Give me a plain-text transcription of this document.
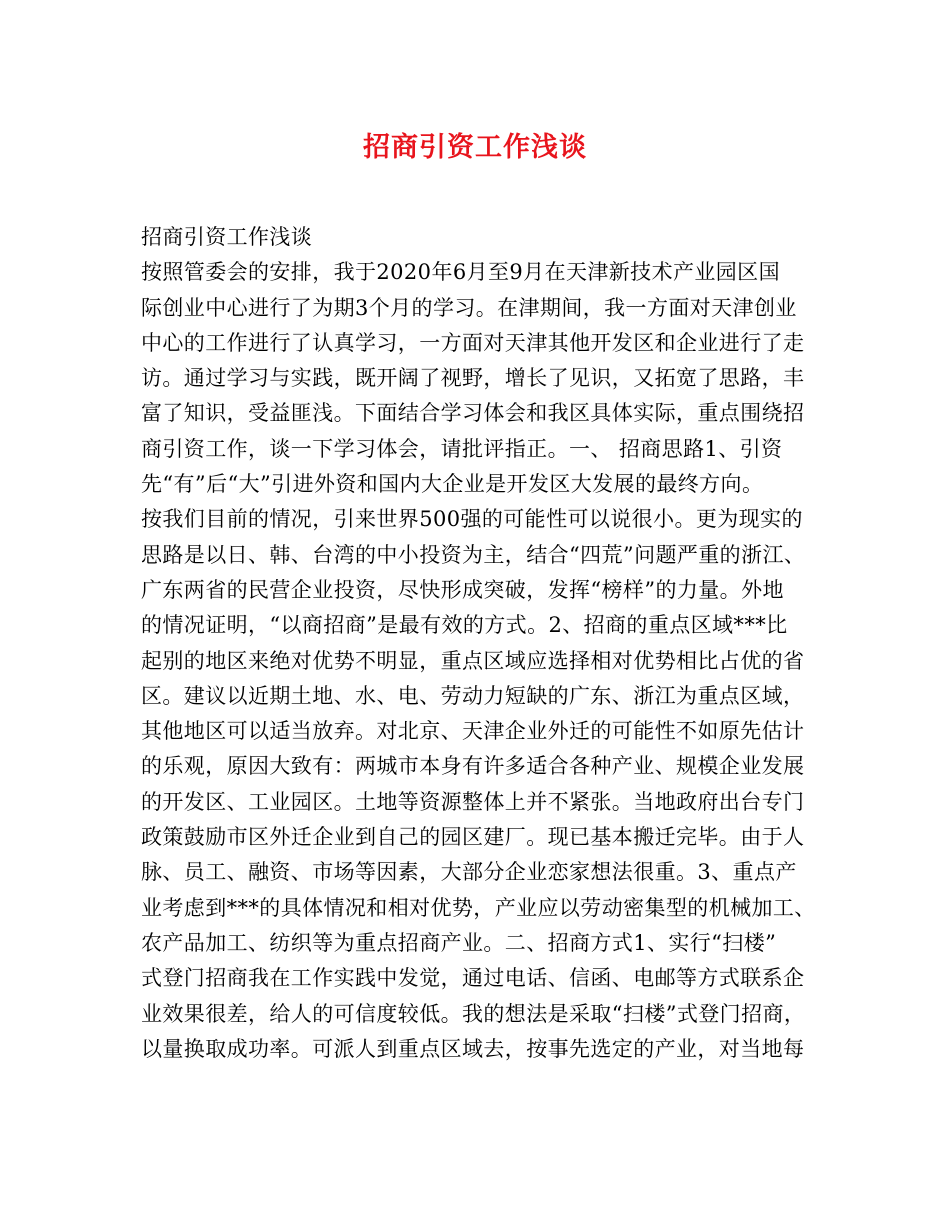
招商引资工作浅谈
招商引资工作浅谈
按照管委会的安排，我于2020年6月至9月在天津新技术产业园区国
际创业中心进行了为期3个月的学习。在津期间，我一方面对天津创业
中心的工作进行了认真学习，一方面对天津其他开发区和企业进行了走
访。通过学习与实践，既开阔了视野，增长了见识，又拓宽了思路，丰
富了知识，受益匪浅。下面结合学习体会和我区具体实际，重点围绕招
商引资工作，谈一下学习体会，请批评指正。一、 招商思路1、引资
先“有”后“大”引进外资和国内大企业是开发区大发展的最终方向。
按我们目前的情况，引来世界500强的可能性可以说很小。更为现实的
思路是以日、韩、台湾的中小投资为主，结合“四荒”问题严重的浙江、
广东两省的民营企业投资，尽快形成突破，发挥“榜样”的力量。外地
的情况证明，“以商招商”是最有效的方式。2、招商的重点区域***比
起别的地区来绝对优势不明显，重点区域应选择相对优势相比占优的省
区。建议以近期土地、水、电、劳动力短缺的广东、浙江为重点区域，
其他地区可以适当放弃。对北京、天津企业外迁的可能性不如原先估计
的乐观，原因大致有：两城市本身有许多适合各种产业、规模企业发展
的开发区、工业园区。土地等资源整体上并不紧张。当地政府出台专门
政策鼓励市区外迁企业到自己的园区建厂。现已基本搬迁完毕。由于人
脉、员工、融资、市场等因素，大部分企业恋家想法很重。3、重点产
业考虑到***的具体情况和相对优势，产业应以劳动密集型的机械加工、
农产品加工、纺织等为重点招商产业。二、招商方式1、实行“扫楼”
式登门招商我在工作实践中发觉，通过电话、信函、电邮等方式联系企
业效果很差，给人的可信度较低。我的想法是采取“扫楼”式登门招商，
以量换取成功率。可派人到重点区域去，按事先选定的产业，对当地每
